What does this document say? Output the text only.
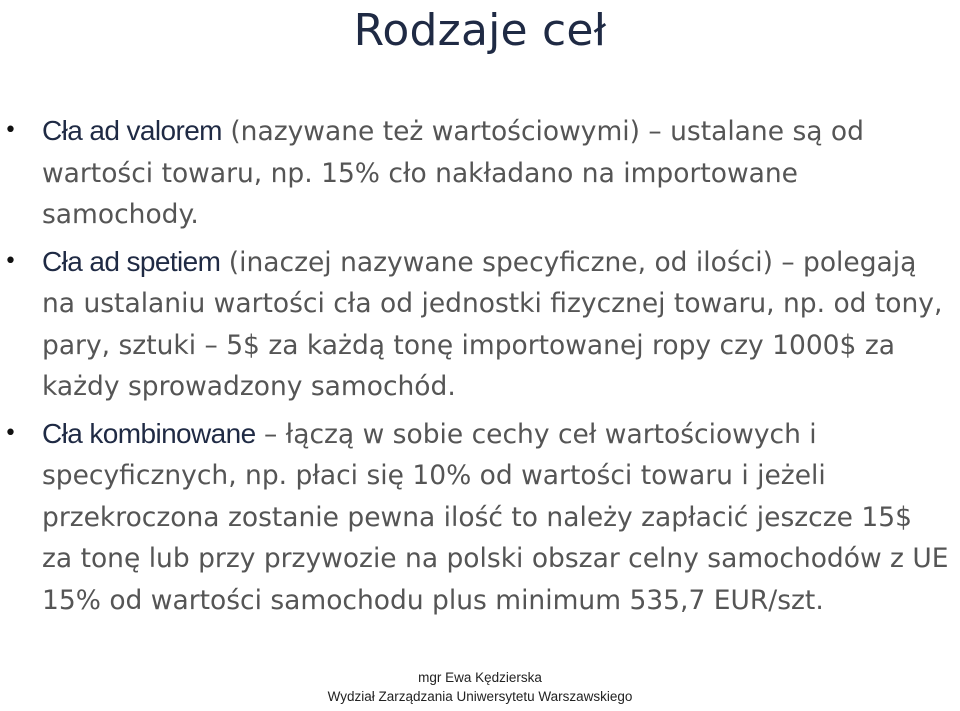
Rodzaje ceł
• Cła ad valorem (nazywane też wartościowymi) – ustalane są od wartości towaru, np. 15% cło nakładano na importowane samochody.
• Cła ad spetiem (inaczej nazywane specyficzne, od ilości) – polegają na ustalaniu wartości cła od jednostki fizycznej towaru, np. od tony, pary, sztuki – 5$ za każdą tonę importowanej ropy czy 1000$ za każdy sprowadzony samochód.
• Cła kombinowane – łączą w sobie cechy ceł wartościowych i specyficznych, np. płaci się 10% od wartości towaru i jeżeli przekroczona zostanie pewna ilość to należy zapłacić jeszcze 15$ za tonę lub przy przywozie na polski obszar celny samochodów z UE 15% od wartości samochodu plus minimum 535,7 EUR/szt.
mgr Ewa Kędzierska
Wydział Zarządzania Uniwersytetu Warszawskiego
